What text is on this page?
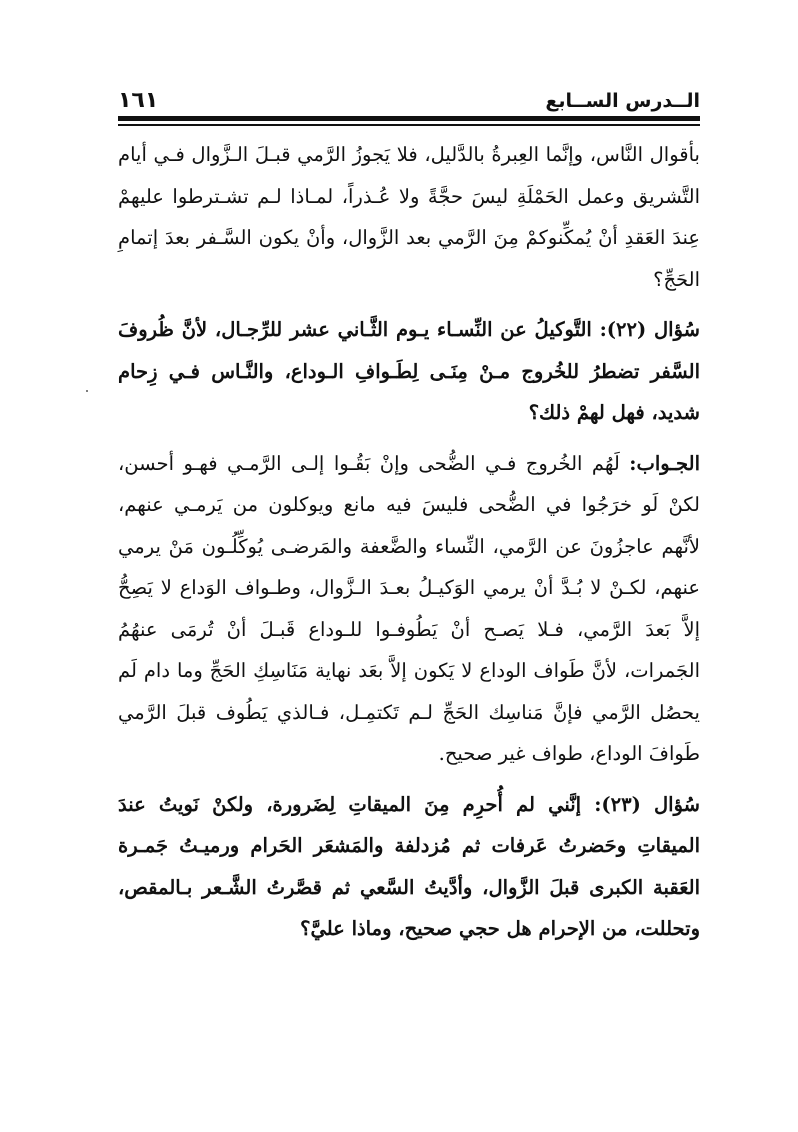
الــدرس الســابع
١٦١

بأقوال النَّاس، وإنَّما العِبرةُ بالدَّليل، فلا يَجوزُ الرَّمي قبـلَ الـزَّوال فـي أيام التَّشريق وعمل الحَمْلَةِ ليسَ حجَّةً ولا عُـذراً، لمـاذا لـم تشـترطوا عليهمْ عِندَ العَقدِ أنْ يُمكِّنوكمْ مِنَ الرَّمي بعد الزَّوال، وأنْ يكون السَّـفر بعدَ إتمامِ الحَجِّ؟

سُؤال (٢٢): التَّوكيلُ عن النِّسـاء يـوم الثَّـاني عشر للرِّجـال، لأنَّ ظُروفَ السَّفر تضطرُ للخُروج مـنْ مِنَـى لِطَـوافِ الـوداع، والنَّـاس فـي زِحام شديد، فهل لهمْ ذلك؟

الجـواب: لَهُم الخُروج فـي الضُّحى وإنْ بَقُـوا إلـى الرَّمـي فهـو أحسن، لكنْ لَو خرَجُوا في الضُّحى فليسَ فيه مانع ويوكلون من يَرمـي عنهم، لأنَّهم عاجزُونَ عن الرَّمي، النِّساء والضَّعفة والمَرضـى يُوكِّلُـون مَنْ يرمي عنهم، لكـنْ لا بُـدَّ أنْ يرمي الوَكيـلُ بعـدَ الـزَّوال، وطـواف الوَداع لا يَصِحُّ إلاَّ بَعدَ الرَّمي، فـلا يَصـح أنْ يَطُوفـوا للـوداع قَبـلَ أنْ تُرمَى عنهُمُ الجَمرات، لأنَّ طَواف الوداع لا يَكون إلاَّ بعَد نهاية مَنَاسِكِ الحَجِّ وما دام لَم يحصُل الرَّمي فإنَّ مَناسِك الحَجِّ لـم تَكتمِـل، فـالذي يَطُوف قبلَ الرَّمي طَوافَ الوداع، طواف غير صحيح.

سُؤال (٢٣): إنَّني لم أُحرِم مِنَ الميقاتِ لِضَرورة، ولكنْ نَويتُ عندَ الميقاتِ وحَضرتُ عَرفات ثم مُزدلفة والمَشعَر الحَرام ورميـتُ جَمـرة العَقبة الكبرى قبلَ الزَّوال، وأدَّيتُ السَّعي ثم قصَّرتُ الشَّـعر بـالمقص، وتحللت، من الإحرام هل حجي صحيح، وماذا عليَّ؟
